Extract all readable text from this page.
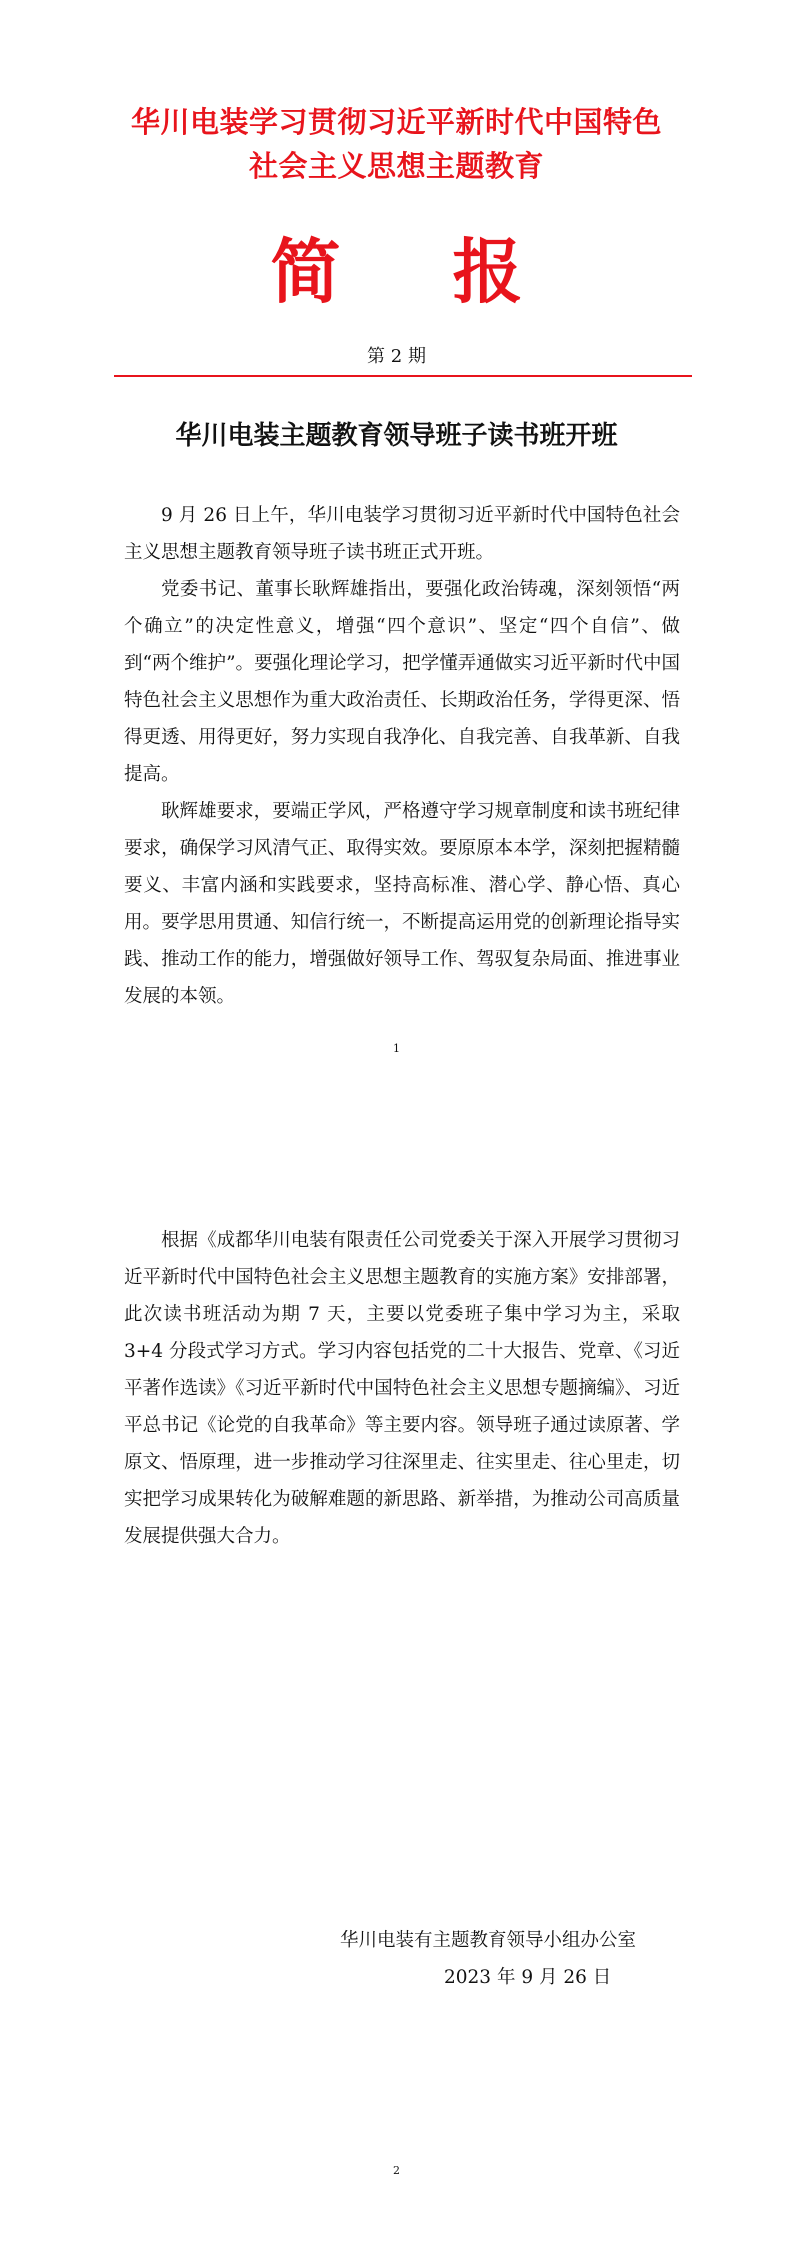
华川电装学习贯彻习近平新时代中国特色
社会主义思想主题教育
简 报
第 2 期
华川电装主题教育领导班子读书班开班

9 月 26 日上午，华川电装学习贯彻习近平新时代中国特色社会主义思想主题教育领导班子读书班正式开班。

党委书记、董事长耿辉雄指出，要强化政治铸魂，深刻领悟“两个确立”的决定性意义，增强“四个意识”、坚定“四个自信”、做到“两个维护”。要强化理论学习，把学懂弄通做实习近平新时代中国特色社会主义思想作为重大政治责任、长期政治任务，学得更深、悟得更透、用得更好，努力实现自我净化、自我完善、自我革新、自我提高。

耿辉雄要求，要端正学风，严格遵守学习规章制度和读书班纪律要求，确保学习风清气正、取得实效。要原原本本学，深刻把握精髓要义、丰富内涵和实践要求，坚持高标准、潜心学、静心悟、真心用。要学思用贯通、知信行统一，不断提高运用党的创新理论指导实践、推动工作的能力，增强做好领导工作、驾驭复杂局面、推进事业发展的本领。

1

根据《成都华川电装有限责任公司党委关于深入开展学习贯彻习近平新时代中国特色社会主义思想主题教育的实施方案》安排部署，此次读书班活动为期 7 天，主要以党委班子集中学习为主，采取 3+4 分段式学习方式。学习内容包括党的二十大报告、党章、《习近平著作选读》《习近平新时代中国特色社会主义思想专题摘编》、习近平总书记《论党的自我革命》等主要内容。领导班子通过读原著、学原文、悟原理，进一步推动学习往深里走、往实里走、往心里走，切实把学习成果转化为破解难题的新思路、新举措，为推动公司高质量发展提供强大合力。

华川电装有主题教育领导小组办公室
2023 年 9 月 26 日
2
